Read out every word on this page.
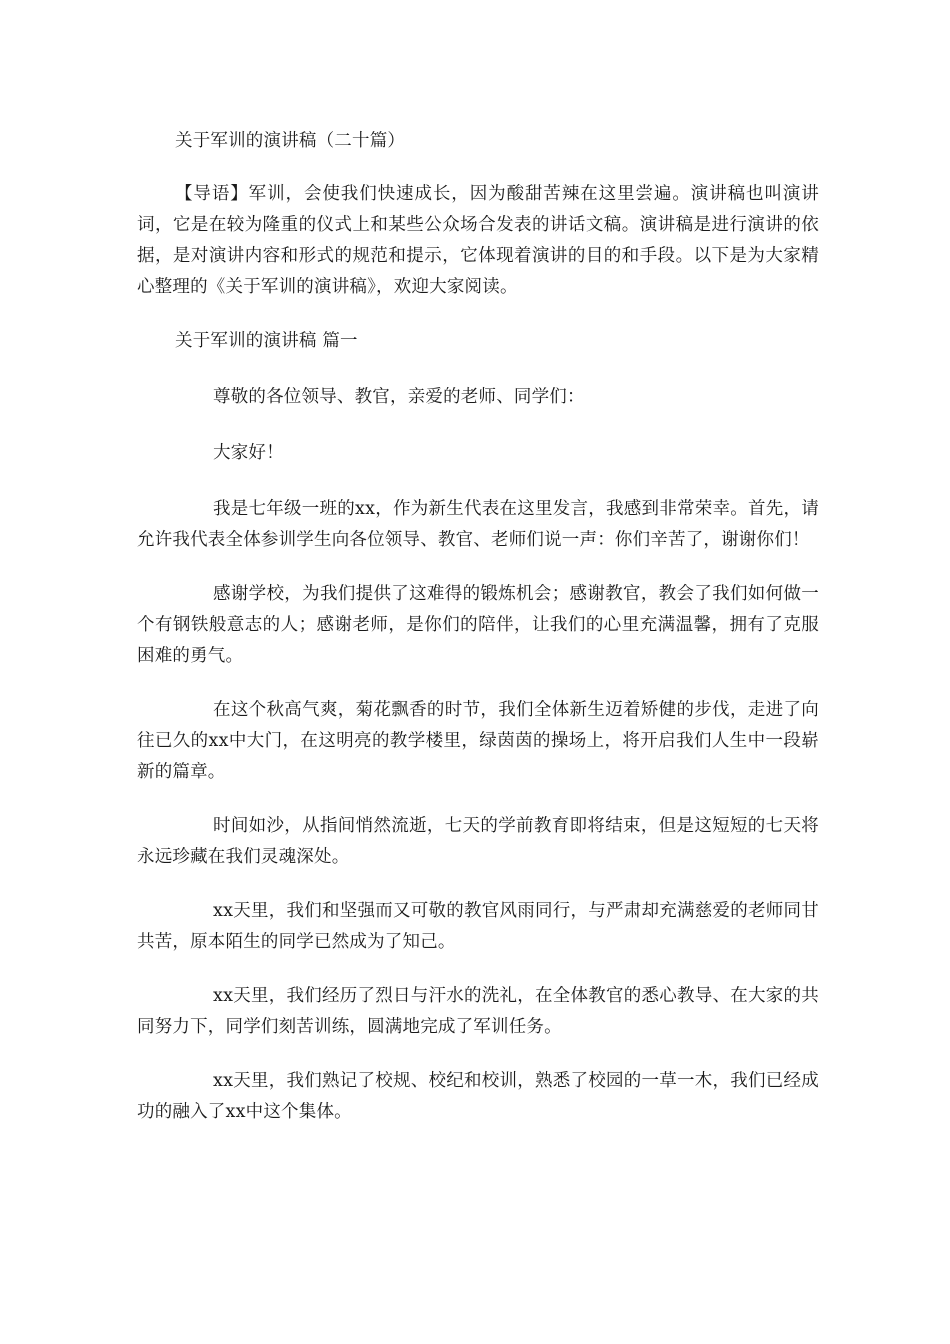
关于军训的演讲稿（二十篇）

【导语】军训，会使我们快速成长，因为酸甜苦辣在这里尝遍。演讲稿也叫演讲词，它是在较为隆重的仪式上和某些公众场合发表的讲话文稿。演讲稿是进行演讲的依据，是对演讲内容和形式的规范和提示，它体现着演讲的目的和手段。以下是为大家精心整理的《关于军训的演讲稿》，欢迎大家阅读。

关于军训的演讲稿 篇一

尊敬的各位领导、教官，亲爱的老师、同学们：

大家好！

我是七年级一班的xx，作为新生代表在这里发言，我感到非常荣幸。首先，请允许我代表全体参训学生向各位领导、教官、老师们说一声：你们辛苦了，谢谢你们！

感谢学校，为我们提供了这难得的锻炼机会；感谢教官，教会了我们如何做一个有钢铁般意志的人；感谢老师，是你们的陪伴，让我们的心里充满温馨，拥有了克服困难的勇气。

在这个秋高气爽，菊花飘香的时节，我们全体新生迈着矫健的步伐，走进了向往已久的xx中大门，在这明亮的教学楼里，绿茵茵的操场上，将开启我们人生中一段崭新的篇章。

时间如沙，从指间悄然流逝，七天的学前教育即将结束，但是这短短的七天将永远珍藏在我们灵魂深处。

xx天里，我们和坚强而又可敬的教官风雨同行，与严肃却充满慈爱的老师同甘共苦，原本陌生的同学已然成为了知己。

xx天里，我们经历了烈日与汗水的洗礼，在全体教官的悉心教导、在大家的共同努力下，同学们刻苦训练，圆满地完成了军训任务。

xx天里，我们熟记了校规、校纪和校训，熟悉了校园的一草一木，我们已经成功的融入了xx中这个集体。
